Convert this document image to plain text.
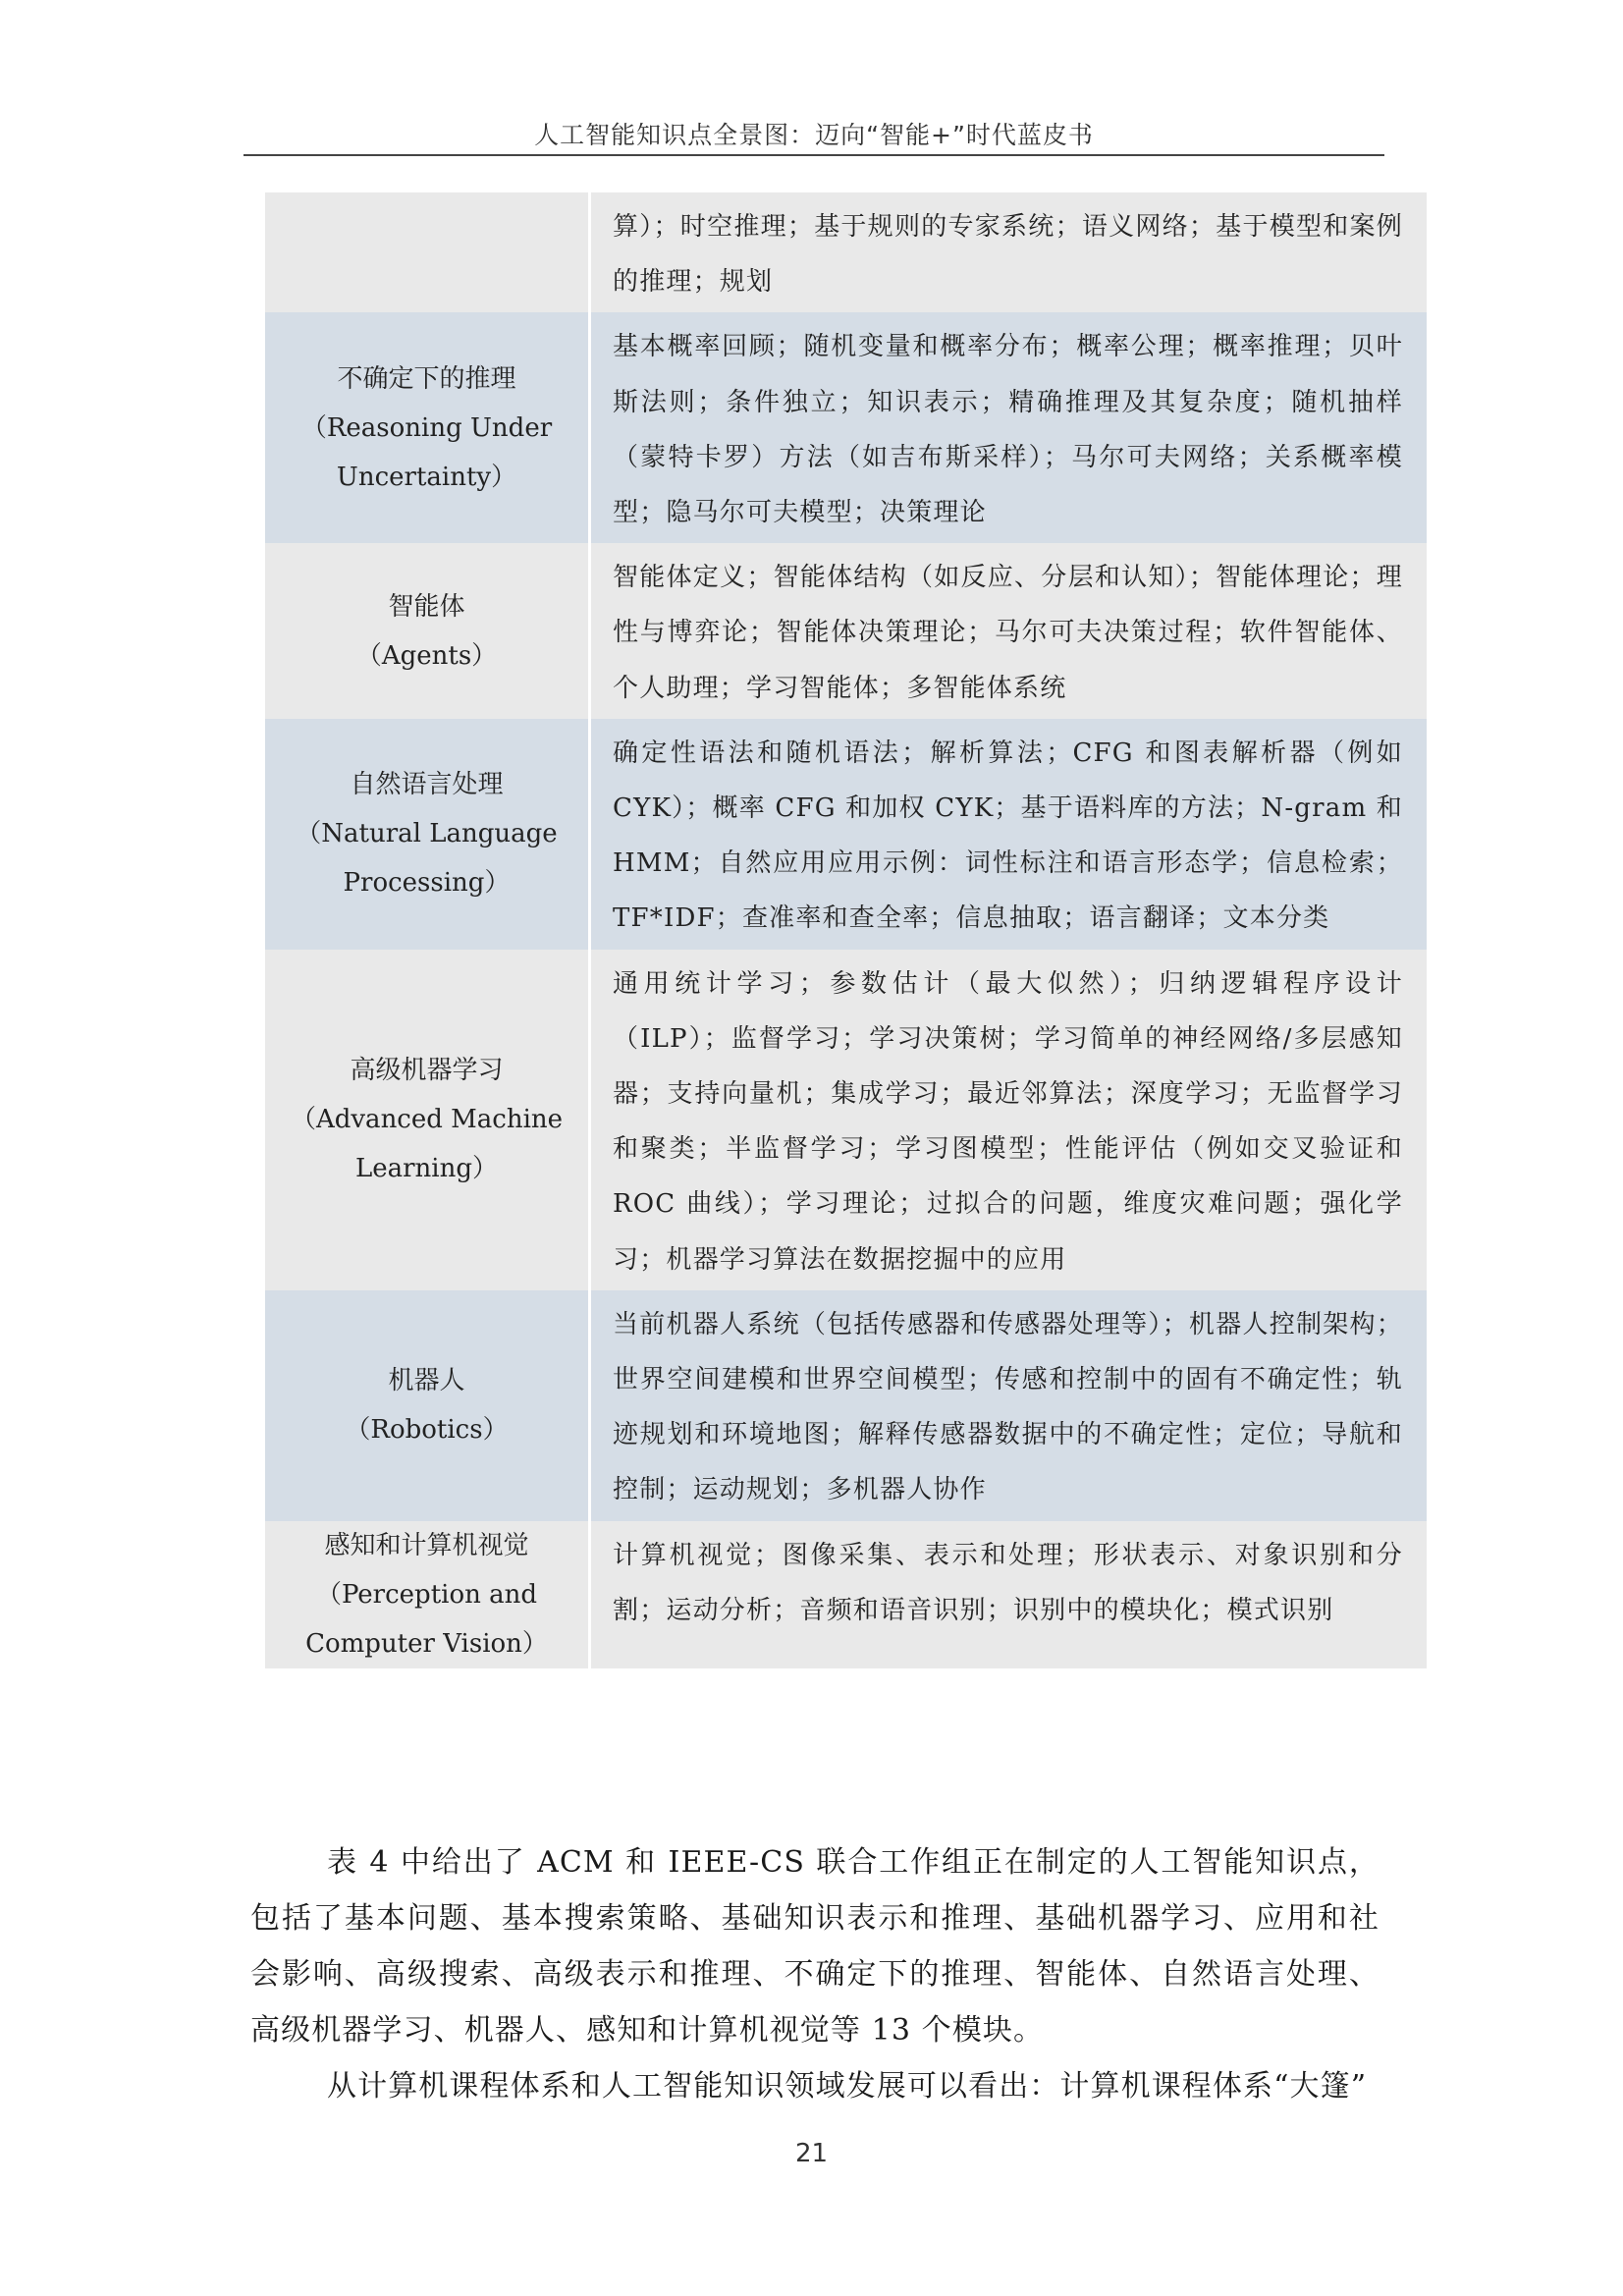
人工智能知识点全景图：迈向“智能+”时代蓝皮书
	算）；时空推理；基于规则的专家系统；语义网络；基于模型和案例的推理；规划

不确定下的推理
（Reasoning Under Uncertainty）	基本概率回顾；随机变量和概率分布；概率公理；概率推理；贝叶斯法则；条件独立；知识表示；精确推理及其复杂度；随机抽样（蒙特卡罗）方法（如吉布斯采样）；马尔可夫网络；关系概率模型；隐马尔可夫模型；决策理论

智能体
（Agents）	智能体定义；智能体结构（如反应、分层和认知）；智能体理论；理性与博弈论；智能体决策理论；马尔可夫决策过程；软件智能体、个人助理；学习智能体；多智能体系统

自然语言处理
（Natural Language Processing）	确定性语法和随机语法；解析算法；CFG 和图表解析器（例如 CYK）；概率 CFG 和加权 CYK；基于语料库的方法；N-gram 和 HMM；自然应用应用示例：词性标注和语言形态学；信息检索；TF*IDF；查准率和查全率；信息抽取；语言翻译；文本分类

高级机器学习
（Advanced Machine Learning）	通用统计学习；参数估计（最大似然）；归纳逻辑程序设计（ILP）；监督学习；学习决策树；学习简单的神经网络/多层感知器；支持向量机；集成学习；最近邻算法；深度学习；无监督学习和聚类；半监督学习；学习图模型；性能评估（例如交叉验证和 ROC 曲线）；学习理论；过拟合的问题，维度灾难问题；强化学习；机器学习算法在数据挖掘中的应用

机器人
（Robotics）	当前机器人系统（包括传感器和传感器处理等）；机器人控制架构；世界空间建模和世界空间模型；传感和控制中的固有不确定性；轨迹规划和环境地图；解释传感器数据中的不确定性；定位；导航和控制；运动规划；多机器人协作

感知和计算机视觉
（Perception and Computer Vision）	计算机视觉；图像采集、表示和处理；形状表示、对象识别和分割；运动分析；音频和语音识别；识别中的模块化；模式识别

表 4 中给出了 ACM 和 IEEE-CS 联合工作组正在制定的人工智能知识点，包括了基本问题、基本搜索策略、基础知识表示和推理、基础机器学习、应用和社会影响、高级搜索、高级表示和推理、不确定下的推理、智能体、自然语言处理、高级机器学习、机器人、感知和计算机视觉等 13 个模块。

从计算机课程体系和人工智能知识领域发展可以看出：计算机课程体系“大篷”

21
